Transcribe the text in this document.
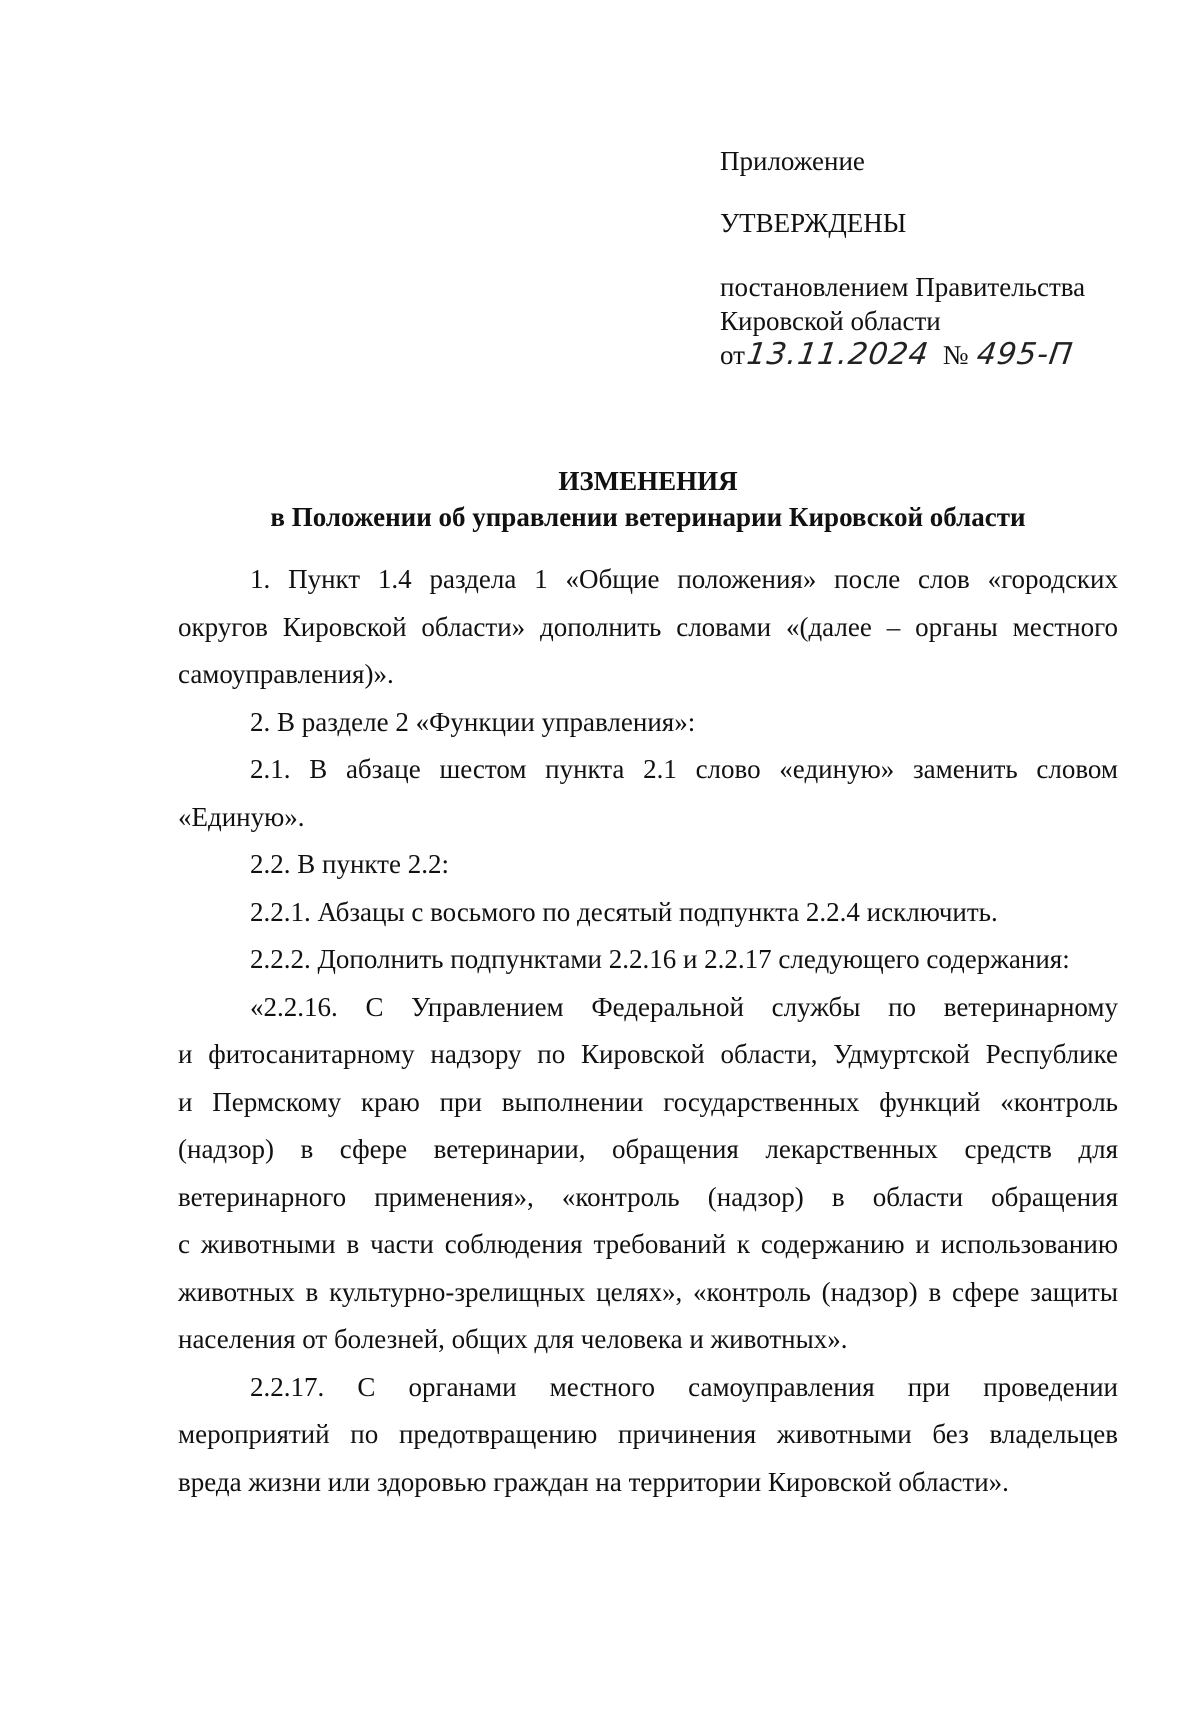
Приложение
УТВЕРЖДЕНЫ
постановлением Правительства
Кировской области
от13.11.2024 № 495-П
ИЗМЕНЕНИЯ
в Положении об управлении ветеринарии Кировской области
1. Пункт 1.4 раздела 1 «Общие положения» после слов «городских
округов Кировской области» дополнить словами «(далее – органы местного
самоуправления)».
2. В разделе 2 «Функции управления»:
2.1. В абзаце шестом пункта 2.1 слово «единую» заменить словом
«Единую».
2.2. В пункте 2.2:
2.2.1. Абзацы с восьмого по десятый подпункта 2.2.4 исключить.
2.2.2. Дополнить подпунктами 2.2.16 и 2.2.17 следующего содержания:
«2.2.16. С Управлением Федеральной службы по ветеринарному
и фитосанитарному надзору по Кировской области, Удмуртской Республике
и Пермскому краю при выполнении государственных функций «контроль
(надзор) в сфере ветеринарии, обращения лекарственных средств для
ветеринарного применения», «контроль (надзор) в области обращения
с животными в части соблюдения требований к содержанию и использованию
животных в культурно-зрелищных целях», «контроль (надзор) в сфере защиты
населения от болезней, общих для человека и животных».
2.2.17. С органами местного самоуправления при проведении
мероприятий по предотвращению причинения животными без владельцев
вреда жизни или здоровью граждан на территории Кировской области».
